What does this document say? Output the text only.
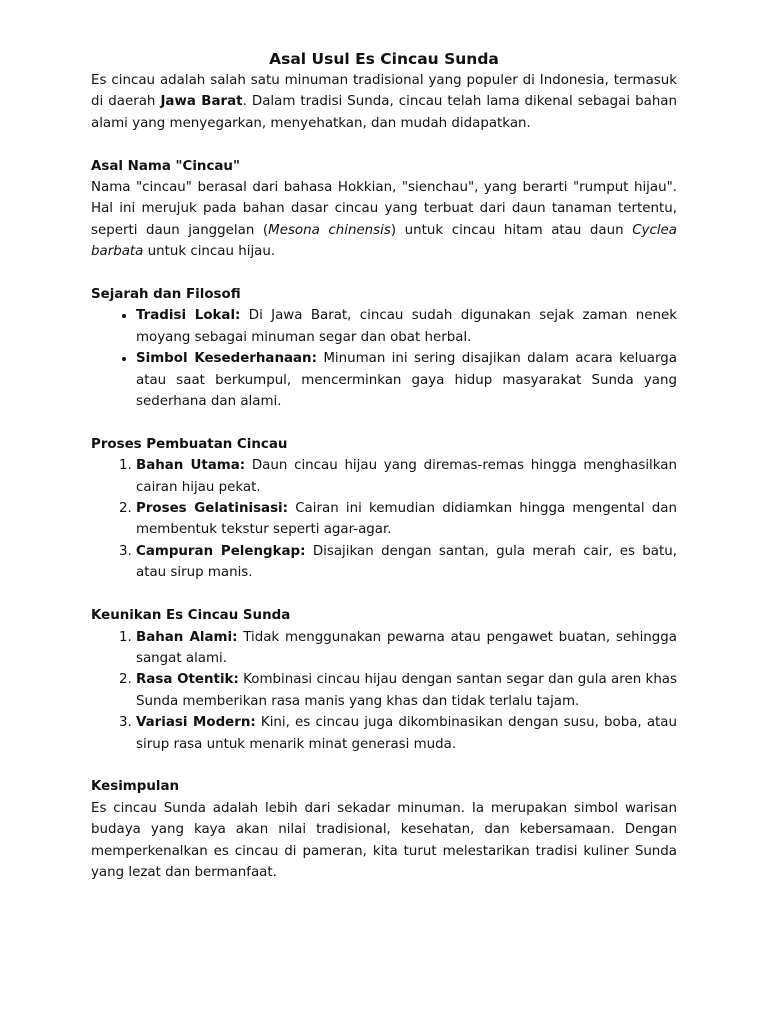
Asal Usul Es Cincau Sunda

Es cincau adalah salah satu minuman tradisional yang populer di Indonesia, termasuk di daerah Jawa Barat. Dalam tradisi Sunda, cincau telah lama dikenal sebagai bahan alami yang menyegarkan, menyehatkan, dan mudah didapatkan.

Asal Nama "Cincau"

Nama "cincau" berasal dari bahasa Hokkian, "sienchau", yang berarti "rumput hijau". Hal ini merujuk pada bahan dasar cincau yang terbuat dari daun tanaman tertentu, seperti daun janggelan (Mesona chinensis) untuk cincau hitam atau daun Cyclea barbata untuk cincau hijau.

Sejarah dan Filosofi
• Tradisi Lokal: Di Jawa Barat, cincau sudah digunakan sejak zaman nenek moyang sebagai minuman segar dan obat herbal.
• Simbol Kesederhanaan: Minuman ini sering disajikan dalam acara keluarga atau saat berkumpul, mencerminkan gaya hidup masyarakat Sunda yang sederhana dan alami.
Proses Pembuatan Cincau
1. Bahan Utama: Daun cincau hijau yang diremas-remas hingga menghasilkan cairan hijau pekat.
2. Proses Gelatinisasi: Cairan ini kemudian didiamkan hingga mengental dan membentuk tekstur seperti agar-agar.
3. Campuran Pelengkap: Disajikan dengan santan, gula merah cair, es batu, atau sirup manis.
Keunikan Es Cincau Sunda
1. Bahan Alami: Tidak menggunakan pewarna atau pengawet buatan, sehingga sangat alami.
2. Rasa Otentik: Kombinasi cincau hijau dengan santan segar dan gula aren khas Sunda memberikan rasa manis yang khas dan tidak terlalu tajam.
3. Variasi Modern: Kini, es cincau juga dikombinasikan dengan susu, boba, atau sirup rasa untuk menarik minat generasi muda.
Kesimpulan

Es cincau Sunda adalah lebih dari sekadar minuman. Ia merupakan simbol warisan budaya yang kaya akan nilai tradisional, kesehatan, dan kebersamaan. Dengan memperkenalkan es cincau di pameran, kita turut melestarikan tradisi kuliner Sunda yang lezat dan bermanfaat.
